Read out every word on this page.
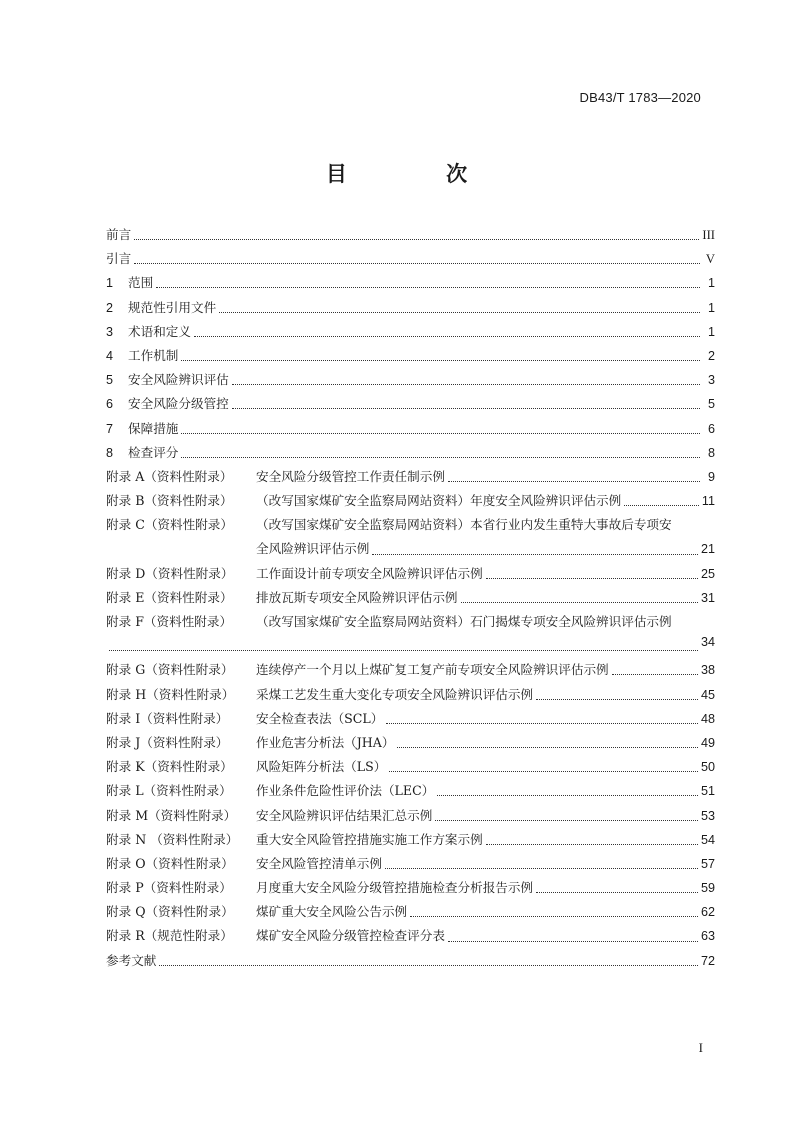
DB43/T 1783—2020
目 次
前言	III
引言	V
1	范围	1
2	规范性引用文件	1
3	术语和定义	1
4	工作机制	2
5	安全风险辨识评估	3
6	安全风险分级管控	5
7	保障措施	6
8	检查评分	8
附录 A（资料性附录）	安全风险分级管控工作责任制示例	9
附录 B（资料性附录）	（改写国家煤矿安全监察局网站资料）年度安全风险辨识评估示例	11
附录 C（资料性附录）	（改写国家煤矿安全监察局网站资料）本省行业内发生重特大事故后专项安
全风险辨识评估示例	21
附录 D（资料性附录）	工作面设计前专项安全风险辨识评估示例	25
附录 E（资料性附录）	排放瓦斯专项安全风险辨识评估示例	31
附录 F（资料性附录）	（改写国家煤矿安全监察局网站资料）石门揭煤专项安全风险辨识评估示例
34
附录 G（资料性附录）	连续停产一个月以上煤矿复工复产前专项安全风险辨识评估示例	38
附录 H（资料性附录）	采煤工艺发生重大变化专项安全风险辨识评估示例	45
附录 I（资料性附录）	安全检查表法（SCL）	48
附录 J（资料性附录）	作业危害分析法（JHA）	49
附录 K（资料性附录）	风险矩阵分析法（LS）	50
附录 L（资料性附录）	作业条件危险性评价法（LEC）	51
附录 M（资料性附录）	安全风险辨识评估结果汇总示例	53
附录 N （资料性附录）	重大安全风险管控措施实施工作方案示例	54
附录 O（资料性附录）	安全风险管控清单示例	57
附录 P（资料性附录）	月度重大安全风险分级管控措施检查分析报告示例	59
附录 Q（资料性附录）	煤矿重大安全风险公告示例	62
附录 R（规范性附录）	煤矿安全风险分级管控检查评分表	63
参考文献	72
I
